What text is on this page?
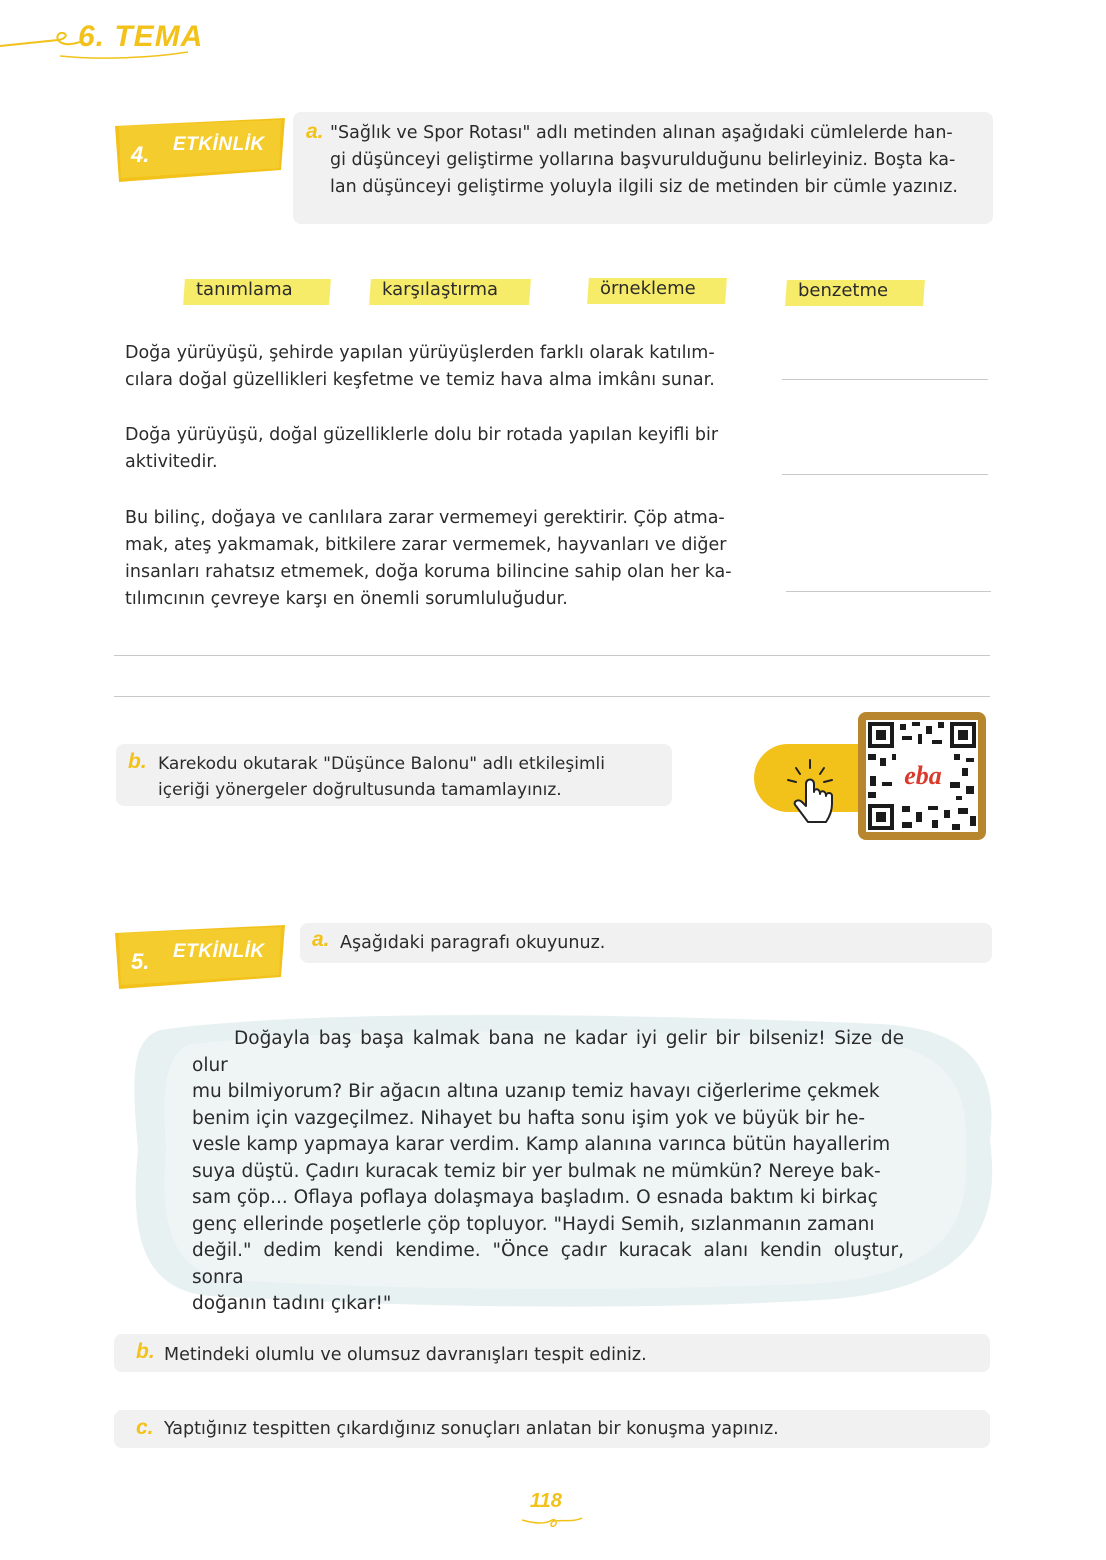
6. TEMA
4. ETKİNLİK
a. "Sağlık ve Spor Rotası" adlı metinden alınan aşağıdaki cümlelerde han-
gi düşünceyi geliştirme yollarına başvurulduğunu belirleyiniz. Boşta ka-
lan düşünceyi geliştirme yoluyla ilgili siz de metinden bir cümle yazınız.
tanımlama	karşılaştırma	örnekleme	benzetme
Doğa yürüyüşü, şehirde yapılan yürüyüşlerden farklı olarak katılım-
cılara doğal güzellikleri keşfetme ve temiz hava alma imkânı sunar.
Doğa yürüyüşü, doğal güzelliklerle dolu bir rotada yapılan keyifli bir
aktivitedir.
Bu bilinç, doğaya ve canlılara zarar vermemeyi gerektirir. Çöp atma-
mak, ateş yakmamak, bitkilere zarar vermemek, hayvanları ve diğer
insanları rahatsız etmemek, doğa koruma bilincine sahip olan her ka-
tılımcının çevreye karşı en önemli sorumluluğudur.
b. Karekodu okutarak "Düşünce Balonu" adlı etkileşimli
içeriği yönergeler doğrultusunda tamamlayınız.	eba
5. ETKİNLİK
a. Aşağıdaki paragrafı okuyunuz.
Doğayla baş başa kalmak bana ne kadar iyi gelir bir bilseniz! Size de olur
mu bilmiyorum? Bir ağacın altına uzanıp temiz havayı ciğerlerime çekmek
benim için vazgeçilmez. Nihayet bu hafta sonu işim yok ve büyük bir he-
vesle kamp yapmaya karar verdim. Kamp alanına varınca bütün hayallerim
suya düştü. Çadırı kuracak temiz bir yer bulmak ne mümkün? Nereye bak-
sam çöp... Oflaya poflaya dolaşmaya başladım. O esnada baktım ki birkaç
genç ellerinde poşetlerle çöp topluyor. "Haydi Semih, sızlanmanın zamanı
değil." dedim kendi kendime. "Önce çadır kuracak alanı kendin oluştur, sonra
doğanın tadını çıkar!"
b. Metindeki olumlu ve olumsuz davranışları tespit ediniz.
c. Yaptığınız tespitten çıkardığınız sonuçları anlatan bir konuşma yapınız.
118
